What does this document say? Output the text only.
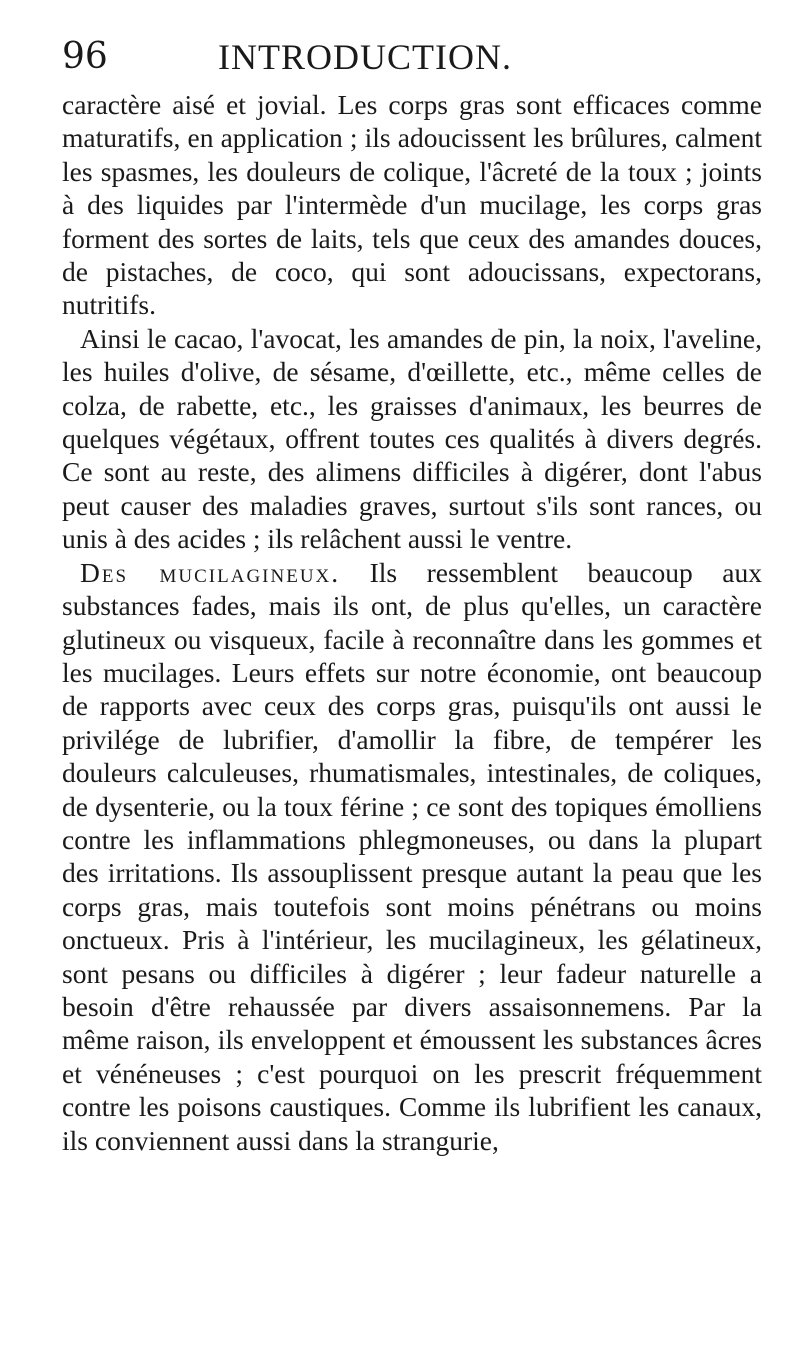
96	INTRODUCTION.

caractère aisé et jovial. Les corps gras sont efficaces comme maturatifs, en application ; ils adoucissent les brûlures, calment les spasmes, les douleurs de colique, l'âcreté de la toux ; joints à des liquides par l'intermède d'un mucilage, les corps gras forment des sortes de laits, tels que ceux des amandes douces, de pistaches, de coco, qui sont adoucissans, expectorans, nutritifs.

Ainsi le cacao, l'avocat, les amandes de pin, la noix, l'aveline, les huiles d'olive, de sésame, d'œillette, etc., même celles de colza, de rabette, etc., les graisses d'animaux, les beurres de quelques végétaux, offrent toutes ces qualités à divers degrés. Ce sont au reste, des alimens difficiles à digérer, dont l'abus peut causer des maladies graves, surtout s'ils sont rances, ou unis à des acides ; ils relâchent aussi le ventre.

Des mucilagineux. Ils ressemblent beaucoup aux substances fades, mais ils ont, de plus qu'elles, un caractère glutineux ou visqueux, facile à reconnaître dans les gommes et les mucilages. Leurs effets sur notre économie, ont beaucoup de rapports avec ceux des corps gras, puisqu'ils ont aussi le privilége de lubrifier, d'amollir la fibre, de tempérer les douleurs calculeuses, rhumatismales, intestinales, de coliques, de dysenterie, ou la toux férine ; ce sont des topiques émolliens contre les inflammations phlegmoneuses, ou dans la plupart des irritations. Ils assouplissent presque autant la peau que les corps gras, mais toutefois sont moins pénétrans ou moins onctueux. Pris à l'intérieur, les mucilagineux, les gélatineux, sont pesans ou difficiles à digérer ; leur fadeur naturelle a besoin d'être rehaussée par divers assaisonnemens. Par la même raison, ils enveloppent et émoussent les substances âcres et vénéneuses ; c'est pourquoi on les prescrit fréquemment contre les poisons caustiques. Comme ils lubrifient les canaux, ils conviennent aussi dans la strangurie,
